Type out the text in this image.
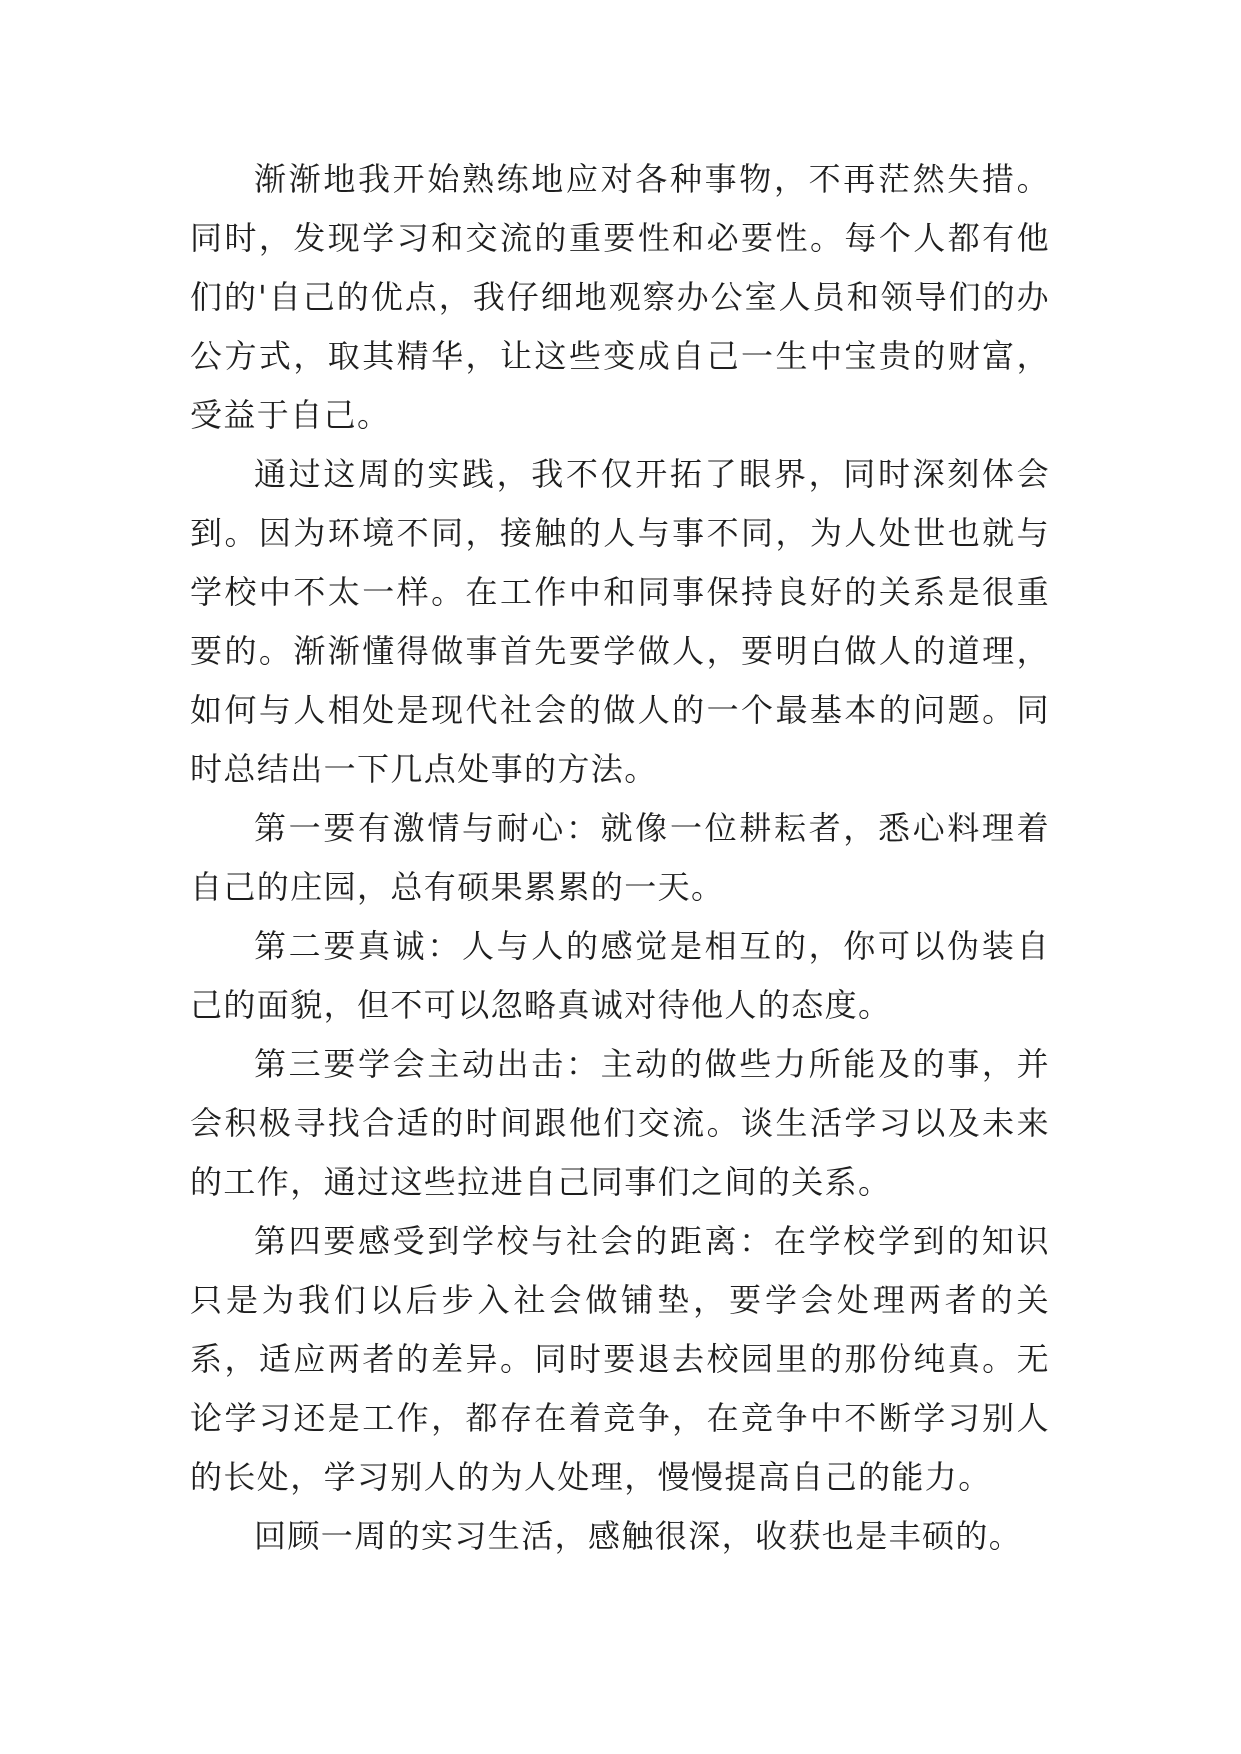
渐渐地我开始熟练地应对各种事物，不再茫然失措。同时，发现学习和交流的重要性和必要性。每个人都有他们的'自己的优点，我仔细地观察办公室人员和领导们的办公方式，取其精华，让这些变成自己一生中宝贵的财富，受益于自己。

通过这周的实践，我不仅开拓了眼界，同时深刻体会到。因为环境不同，接触的人与事不同，为人处世也就与学校中不太一样。在工作中和同事保持良好的关系是很重要的。渐渐懂得做事首先要学做人，要明白做人的道理，如何与人相处是现代社会的做人的一个最基本的问题。同时总结出一下几点处事的方法。

第一要有激情与耐心：就像一位耕耘者，悉心料理着自己的庄园，总有硕果累累的一天。

第二要真诚：人与人的感觉是相互的，你可以伪装自己的面貌，但不可以忽略真诚对待他人的态度。

第三要学会主动出击：主动的做些力所能及的事，并会积极寻找合适的时间跟他们交流。谈生活学习以及未来的工作，通过这些拉进自己同事们之间的关系。

第四要感受到学校与社会的距离：在学校学到的知识只是为我们以后步入社会做铺垫，要学会处理两者的关系，适应两者的差异。同时要退去校园里的那份纯真。无论学习还是工作，都存在着竞争，在竞争中不断学习别人的长处，学习别人的为人处理，慢慢提高自己的能力。

回顾一周的实习生活，感触很深，收获也是丰硕的。
